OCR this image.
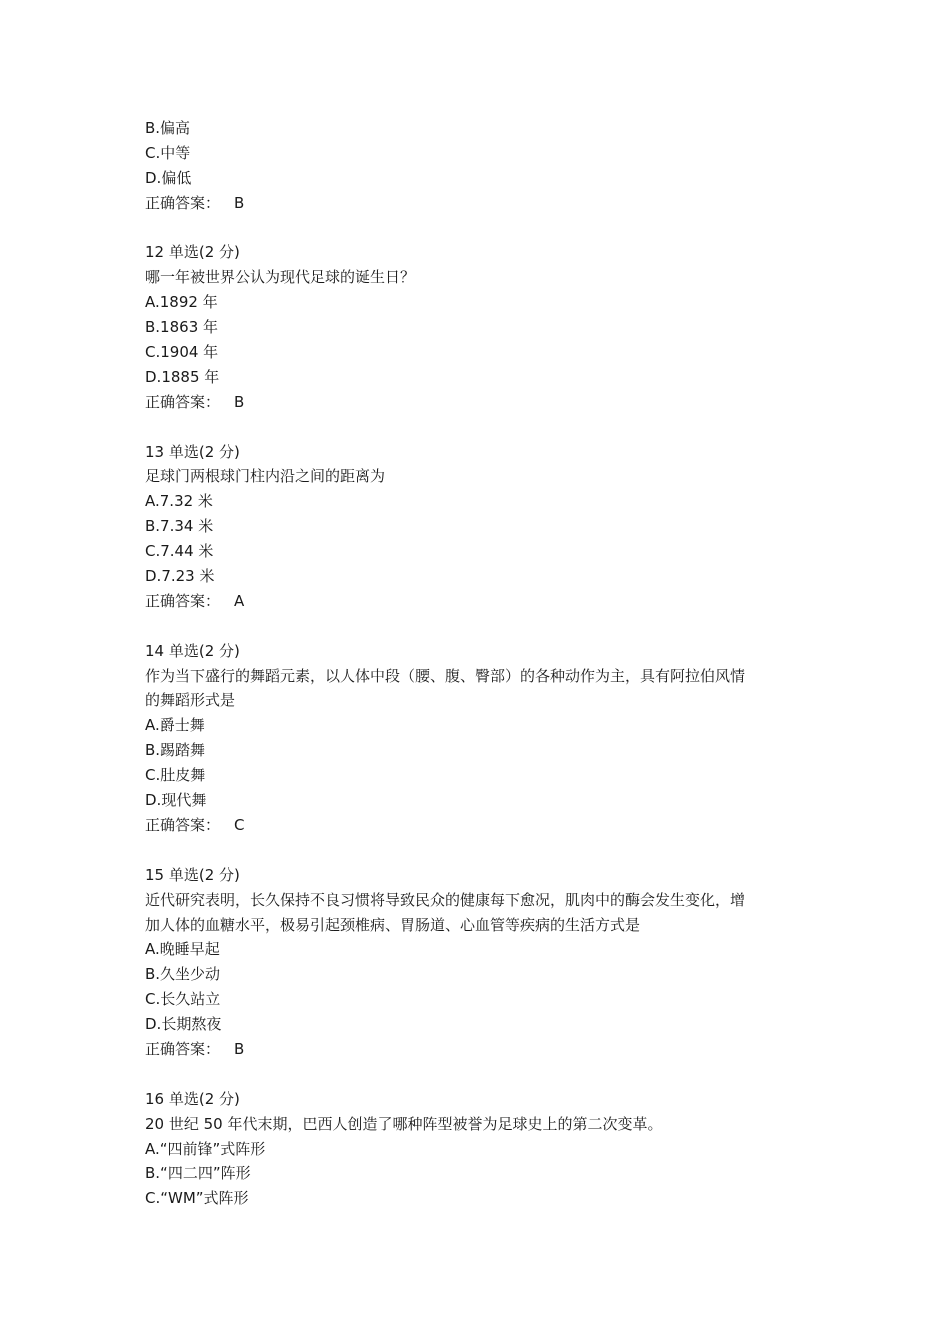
B.偏高
C.中等
D.偏低
正确答案： B
12 单选(2 分)
哪一年被世界公认为现代足球的诞生日？
A.1892 年
B.1863 年
C.1904 年
D.1885 年
正确答案： B
13 单选(2 分)
足球门两根球门柱内沿之间的距离为
A.7.32 米
B.7.34 米
C.7.44 米
D.7.23 米
正确答案： A
14 单选(2 分)
作为当下盛行的舞蹈元素，以人体中段（腰、腹、臀部）的各种动作为主，具有阿拉伯风情
的舞蹈形式是
A.爵士舞
B.踢踏舞
C.肚皮舞
D.现代舞
正确答案： C
15 单选(2 分)
近代研究表明，长久保持不良习惯将导致民众的健康每下愈况，肌肉中的酶会发生变化，增
加人体的血糖水平，极易引起颈椎病、胃肠道、心血管等疾病的生活方式是
A.晚睡早起
B.久坐少动
C.长久站立
D.长期熬夜
正确答案： B
16 单选(2 分)
20 世纪 50 年代末期，巴西人创造了哪种阵型被誉为足球史上的第二次变革。
A.“四前锋”式阵形
B.“四二四”阵形
C.“WM”式阵形
